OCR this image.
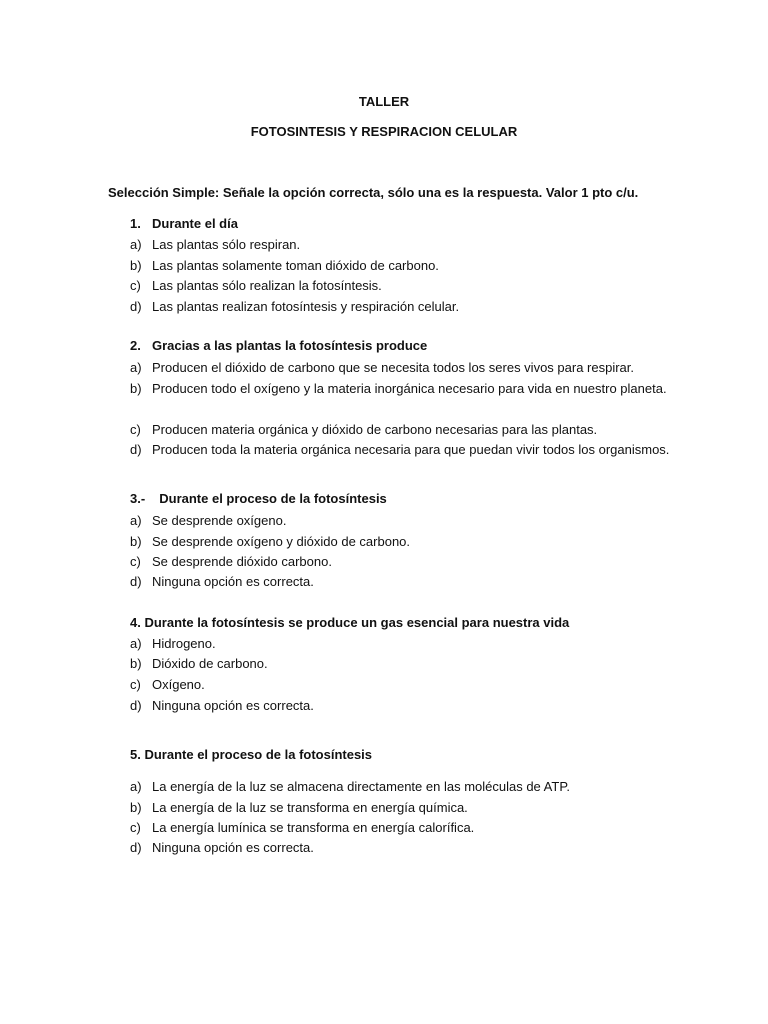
TALLER
FOTOSINTESIS Y RESPIRACION CELULAR
Selección Simple: Señale la opción correcta, sólo una es la respuesta. Valor 1 pto c/u.
1. Durante el día
a) Las plantas sólo respiran.
b) Las plantas solamente toman dióxido de carbono.
c) Las plantas sólo realizan la fotosíntesis.
d) Las plantas realizan fotosíntesis y respiración celular.
2. Gracias a las plantas la fotosíntesis produce
a) Producen el dióxido de carbono que se necesita todos los seres vivos para respirar.
b) Producen todo el oxígeno y la materia inorgánica necesario para vida en nuestro planeta.
c) Producen materia orgánica y dióxido de carbono necesarias para las plantas.
d) Producen toda la materia orgánica necesaria para que puedan vivir todos los organismos.
3.- Durante el proceso de la fotosíntesis
a) Se desprende oxígeno.
b) Se desprende oxígeno y dióxido de carbono.
c) Se desprende dióxido carbono.
d) Ninguna opción es correcta.
4. Durante la fotosíntesis se produce un gas esencial para nuestra vida
a) Hidrogeno.
b) Dióxido de carbono.
c) Oxígeno.
d) Ninguna opción es correcta.
5. Durante el proceso de la fotosíntesis
a) La energía de la luz se almacena directamente en las moléculas de ATP.
b) La energía de la luz se transforma en energía química.
c) La energía lumínica se transforma en energía calorífica.
d) Ninguna opción es correcta.
